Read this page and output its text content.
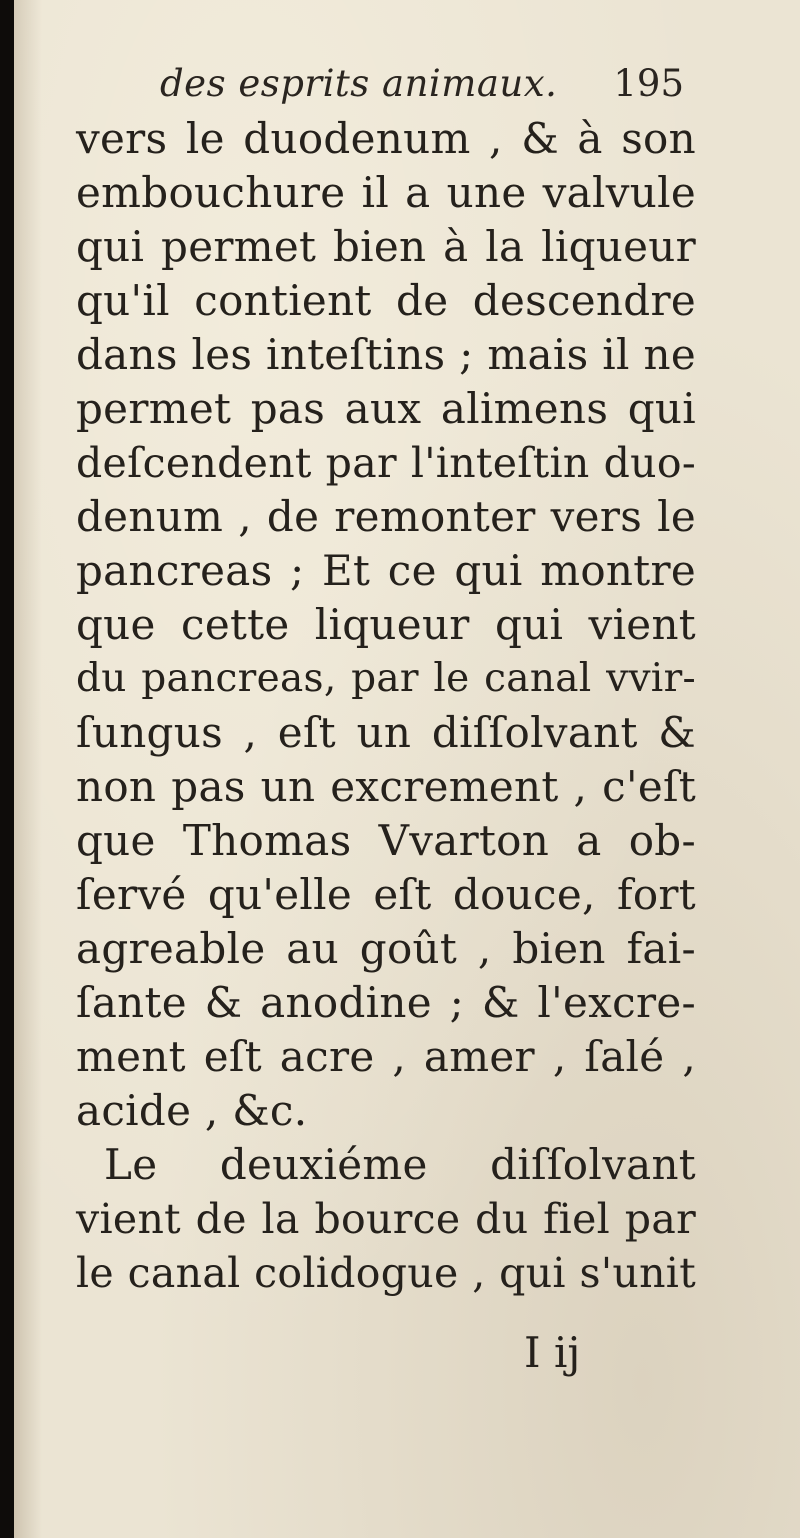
des esprits animaux. 195
vers le duodenum , & à son
embouchure il a une valvule
qui permet bien à la liqueur
qu'il contient de descendre
dans les inteſtins ; mais il ne
permet pas aux alimens qui
deſcendent par l'inteſtin duo-
denum , de remonter vers le
pancreas ; Et ce qui montre
que cette liqueur qui vient
du pancreas, par le canal vvir-
ſungus , eſt un diſſolvant &
non pas un excrement , c'eſt
que Thomas Vvarton a ob-
ſervé qu'elle eſt douce, fort
agreable au goût , bien fai-
ſante & anodine ; & l'excre-
ment eſt acre , amer , ſalé ,
acide , &c.
Le deuxiéme diſſolvant
vient de la bource du fiel par
le canal colidogue , qui s'unit
I ij
